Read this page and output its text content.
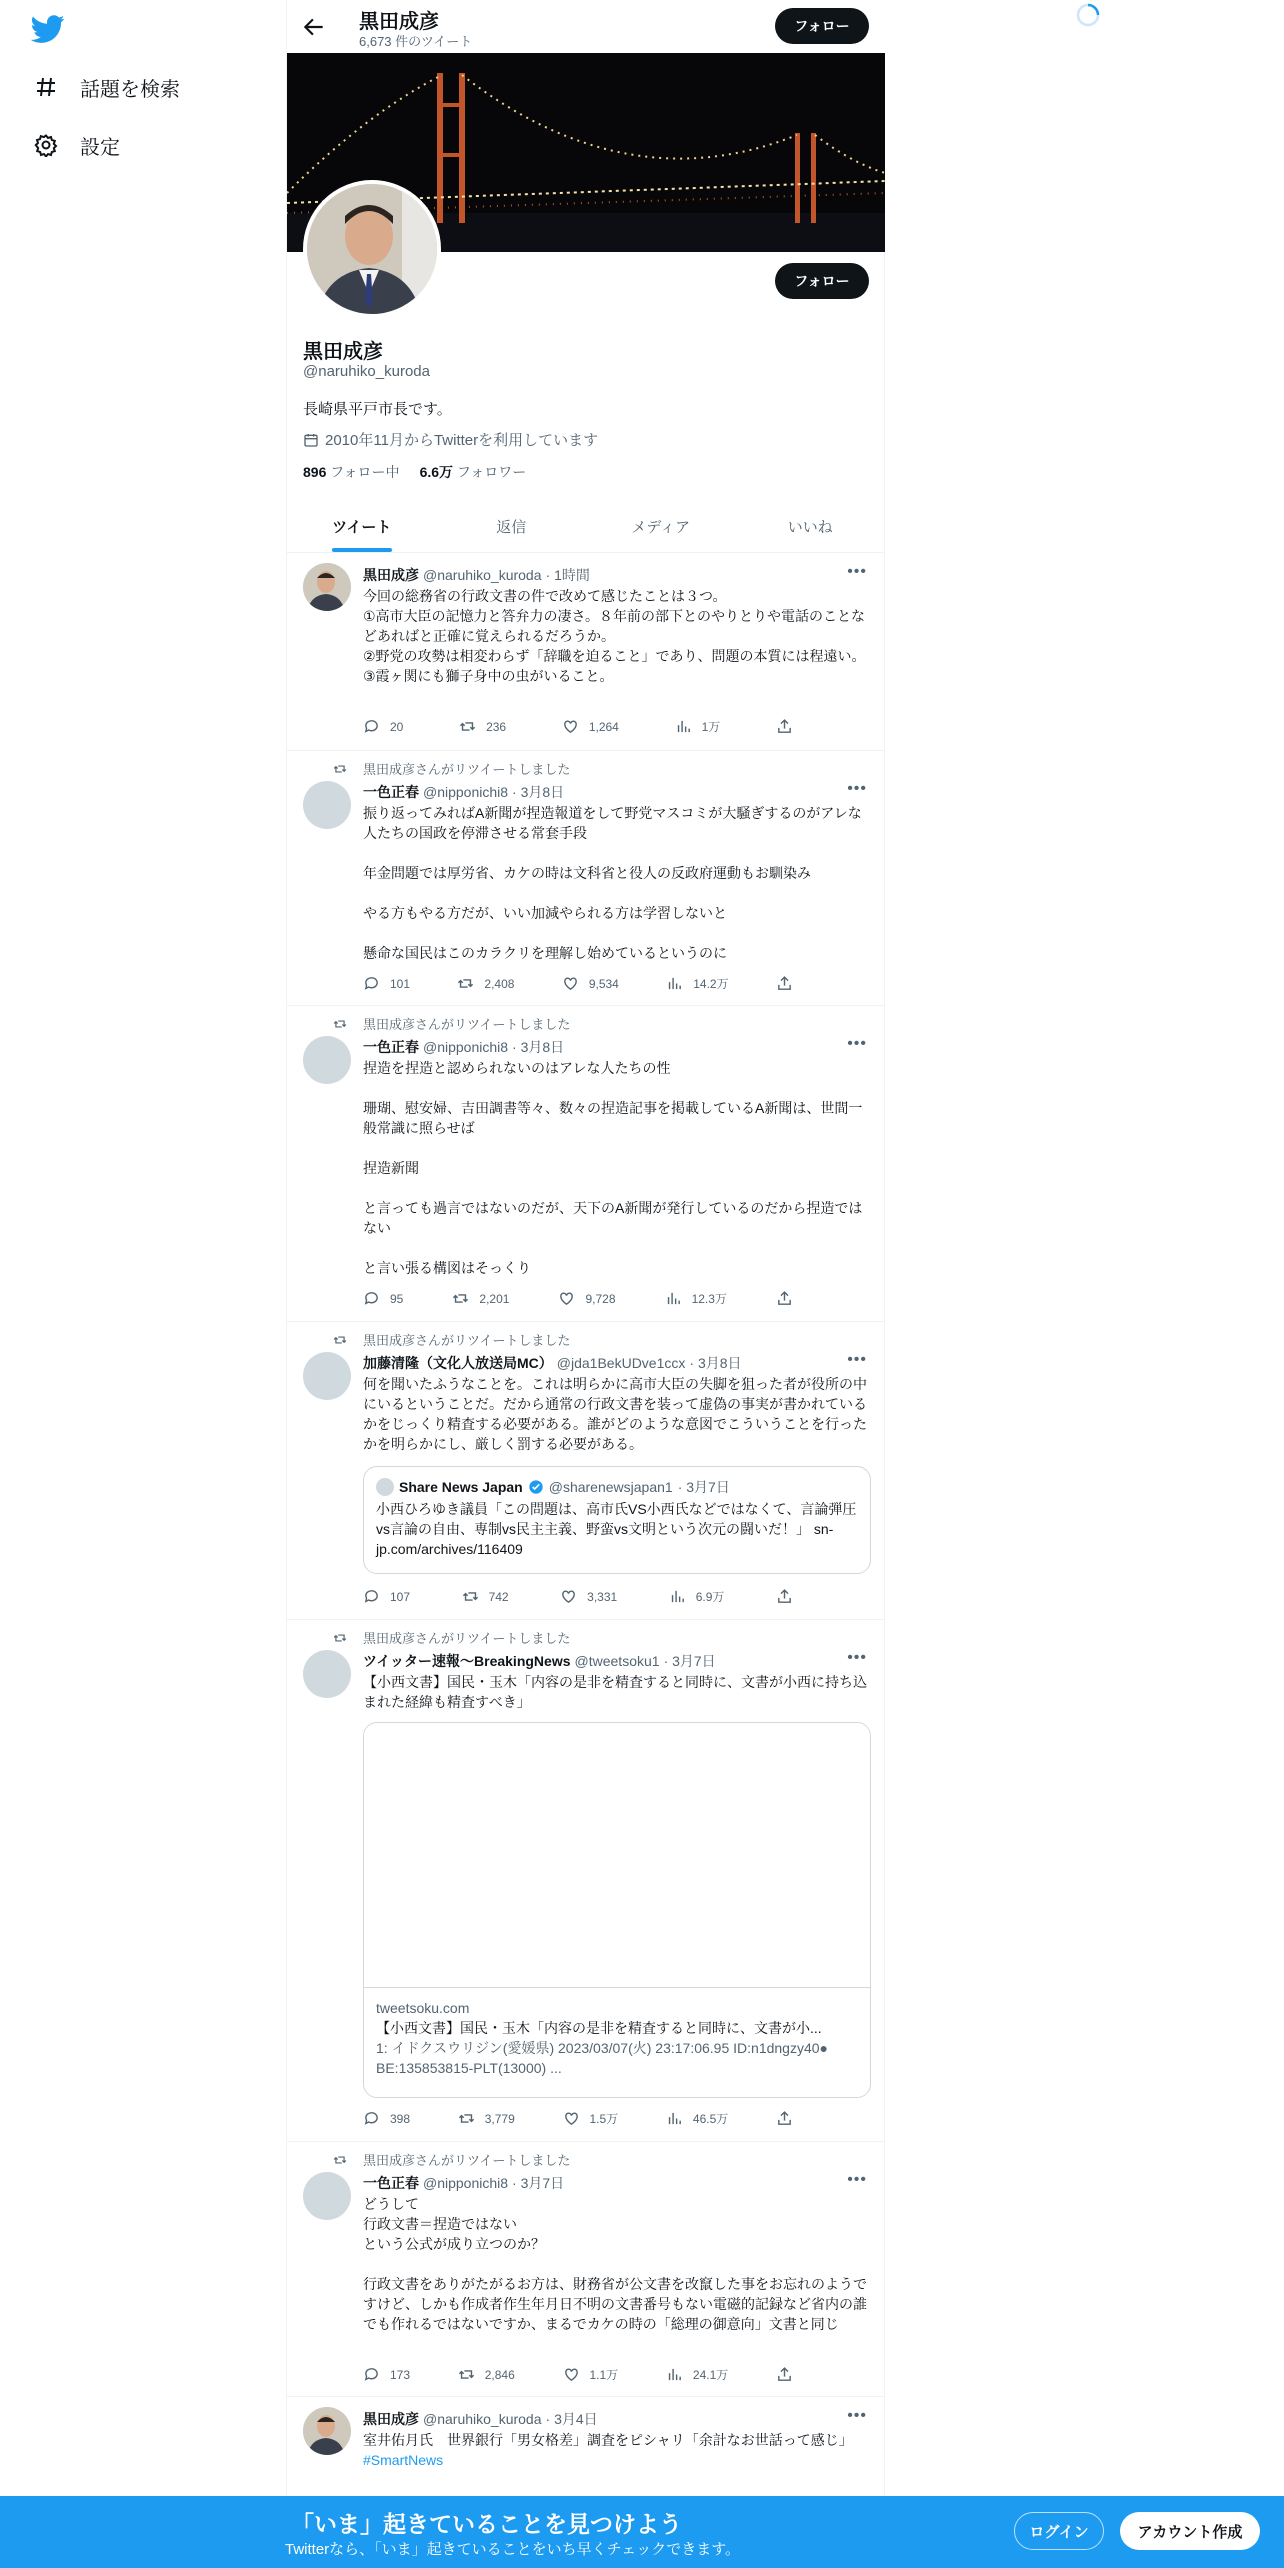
話題を検索
設定
黒田成彦
6,673 件のツイート
フォロー
フォロー
黒田成彦
@naruhiko_kuroda
長崎県平戸市長です。
2010年11月からTwitterを利用しています
896 フォロー中 6.6万 フォロワー
ツイート	返信	メディア	いいね
黒田成彦 @naruhiko_kuroda · 1時間	•••
今回の総務省の行政文書の件で改めて感じたことは３つ。
①高市大臣の記憶力と答弁力の凄さ。８年前の部下とのやりとりや電話のことなどあればと正確に覚えられるだろうか。
②野党の攻勢は相変わらず「辞職を迫ること」であり、問題の本質には程遠い。
③霞ヶ関にも獅子身中の虫がいること。
20	236	1,264	1万
黒田成彦さんがリツイートしました
一色正春 @nipponichi8 · 3月8日	•••
振り返ってみればA新聞が捏造報道をして野党マスコミが大騒ぎするのがアレな人たちの国政を停滞させる常套手段

年金問題では厚労省、カケの時は文科省と役人の反政府運動もお馴染み

やる方もやる方だが、いい加減やられる方は学習しないと

懸命な国民はこのカラクリを理解し始めているというのに
101	2,408	9,534	14.2万
黒田成彦さんがリツイートしました
一色正春 @nipponichi8 · 3月8日	•••
捏造を捏造と認められないのはアレな人たちの性

珊瑚、慰安婦、吉田調書等々、数々の捏造記事を掲載しているA新聞は、世間一般常識に照らせば

捏造新聞

と言っても過言ではないのだが、天下のA新聞が発行しているのだから捏造ではない

と言い張る構図はそっくり
95	2,201	9,728	12.3万
黒田成彦さんがリツイートしました
加藤清隆（文化人放送局MC） @jda1BekUDve1ccx · 3月8日	•••
何を聞いたふうなことを。これは明らかに高市大臣の失脚を狙った者が役所の中にいるということだ。だから通常の行政文書を装って虚偽の事実が書かれているかをじっくり精査する必要がある。誰がどのような意図でこういうことを行ったかを明らかにし、厳しく罰する必要がある。
Share News Japan @sharenewsjapan1 · 3月7日
小西ひろゆき議員「この問題は、高市氏VS小西氏などではなくて、言論弾圧vs言論の自由、専制vs民主主義、野蛮vs文明という次元の闘いだ！」 sn-jp.com/archives/116409
107	742	3,331	6.9万
黒田成彦さんがリツイートしました
ツイッター速報〜BreakingNews @tweetsoku1 · 3月7日	•••
【小西文書】国民・玉木「内容の是非を精査すると同時に、文書が小西に持ち込まれた経緯も精査すべき」
tweetsoku.com
【小西文書】国民・玉木「内容の是非を精査すると同時に、文書が小...
1: イドクスウリジン(愛媛県) 2023/03/07(火) 23:17:06.95 ID:n1dngzy40● BE:135853815-PLT(13000) ...
398	3,779	1.5万	46.5万
黒田成彦さんがリツイートしました
一色正春 @nipponichi8 · 3月7日	•••
どうして
行政文書＝捏造ではない
という公式が成り立つのか？

行政文書をありがたがるお方は、財務省が公文書を改竄した事をお忘れのようですけど、しかも作成者作生年月日不明の文書番号もない電磁的記録など省内の誰でも作れるではないですか、まるでカケの時の「総理の御意向」文書と同じ
173	2,846	1.1万	24.1万
黒田成彦 @naruhiko_kuroda · 3月4日	•••
室井佑月氏　世界銀行「男女格差」調査をピシャリ「余計なお世話って感じ」 #SmartNews
「いま」起きていることを見つけよう
Twitterなら、「いま」起きていることをいち早くチェックできます。
ログイン	アカウント作成
